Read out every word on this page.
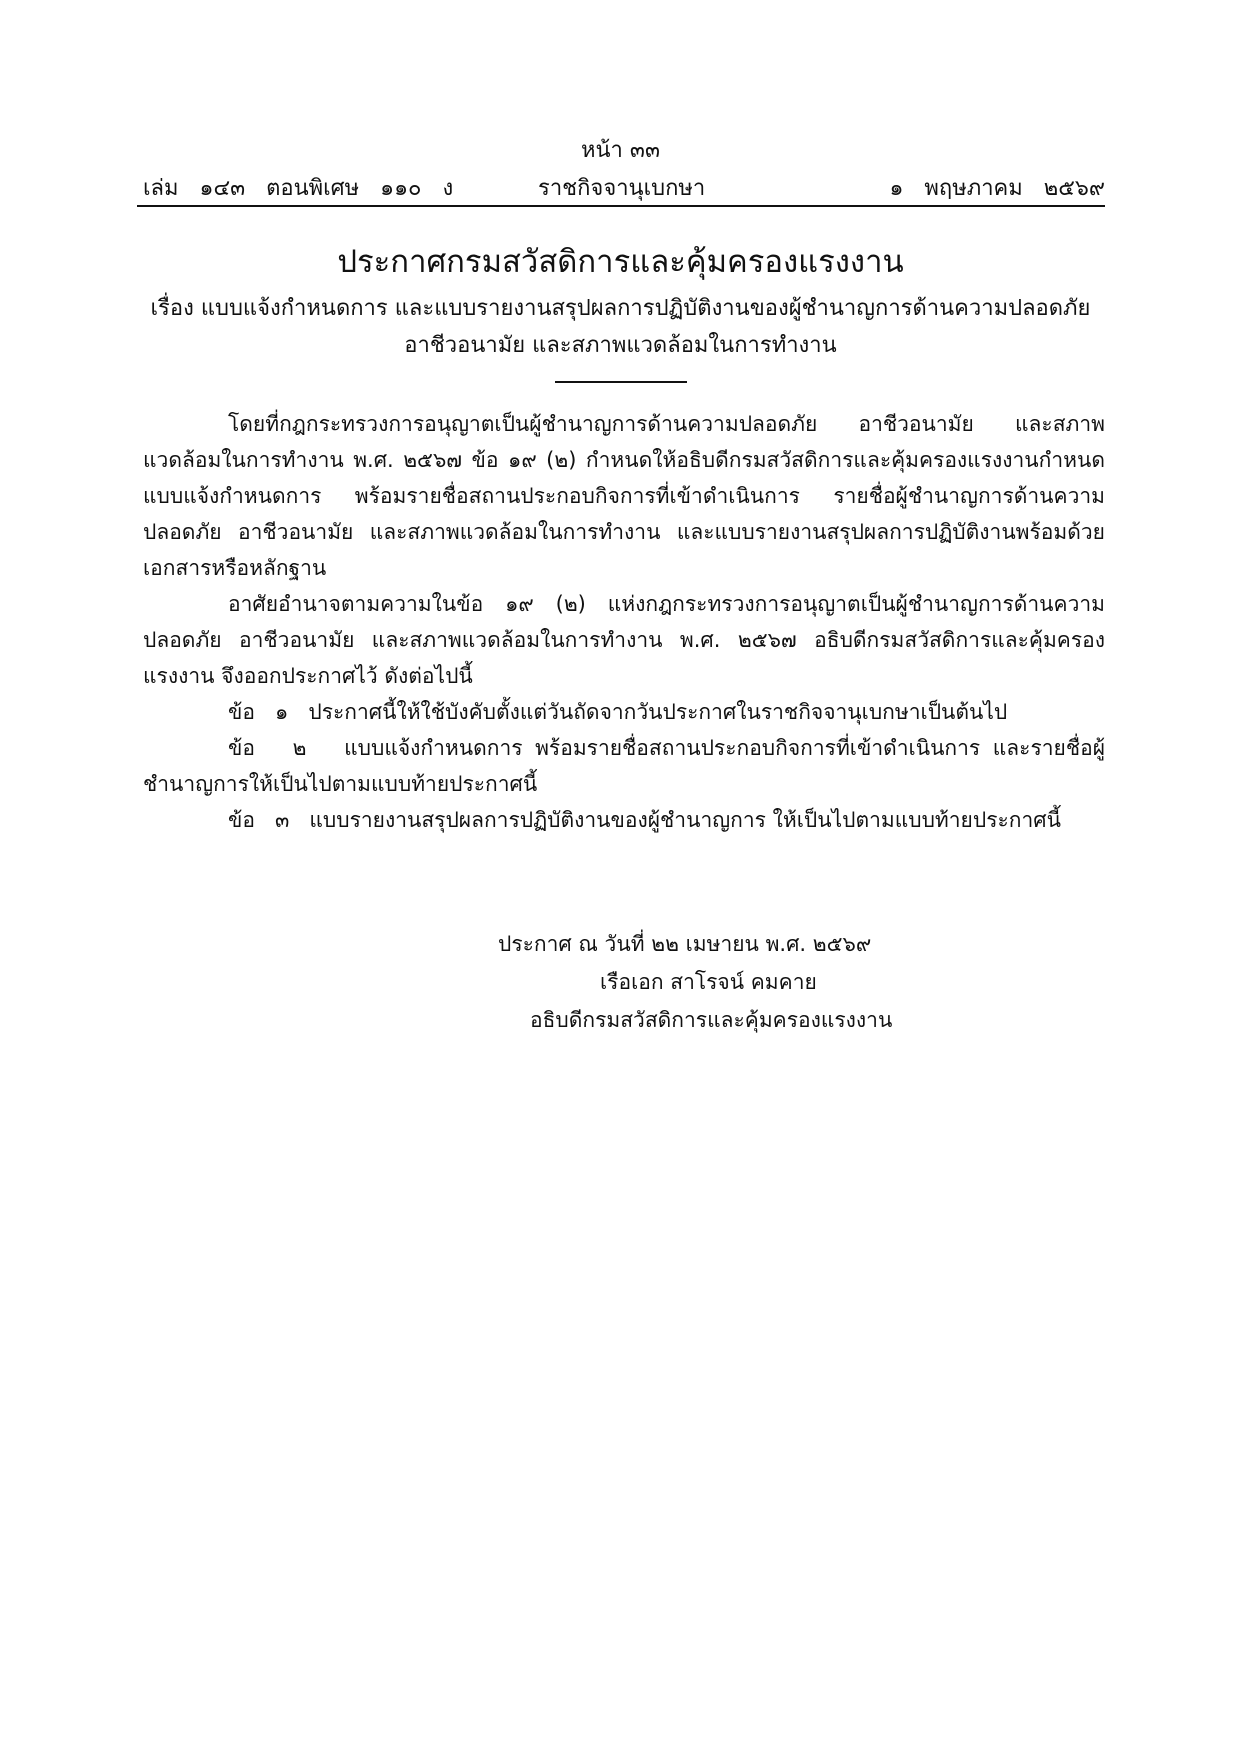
หน้า ๓๓
เล่ม   ๑๔๓   ตอนพิเศษ   ๑๑๐   ง	ราชกิจจานุเบกษา	๑   พฤษภาคม   ๒๕๖๙
ประกาศกรมสวัสดิการและคุ้มครองแรงงาน
เรื่อง แบบแจ้งกำหนดการ และแบบรายงานสรุปผลการปฏิบัติงานของผู้ชำนาญการด้านความปลอดภัย
อาชีวอนามัย และสภาพแวดล้อมในการทำงาน

โดยที่กฎกระทรวงการอนุญาตเป็นผู้ชำนาญการด้านความปลอดภัย อาชีวอนามัย และสภาพแวดล้อมในการทำงาน พ.ศ. ๒๕๖๗ ข้อ ๑๙ (๒) กำหนดให้อธิบดีกรมสวัสดิการและคุ้มครองแรงงานกำหนดแบบแจ้งกำหนดการ พร้อมรายชื่อสถานประกอบกิจการที่เข้าดำเนินการ รายชื่อผู้ชำนาญการด้านความปลอดภัย อาชีวอนามัย และสภาพแวดล้อมในการทำงาน และแบบรายงานสรุปผลการปฏิบัติงานพร้อมด้วยเอกสารหรือหลักฐาน

อาศัยอำนาจตามความในข้อ ๑๙ (๒) แห่งกฎกระทรวงการอนุญาตเป็นผู้ชำนาญการด้านความปลอดภัย อาชีวอนามัย และสภาพแวดล้อมในการทำงาน พ.ศ. ๒๕๖๗ อธิบดีกรมสวัสดิการและคุ้มครองแรงงาน จึงออกประกาศไว้ ดังต่อไปนี้

ข้อ   ๑   ประกาศนี้ให้ใช้บังคับตั้งแต่วันถัดจากวันประกาศในราชกิจจานุเบกษาเป็นต้นไป

ข้อ   ๒   แบบแจ้งกำหนดการ พร้อมรายชื่อสถานประกอบกิจการที่เข้าดำเนินการ และรายชื่อผู้ชำนาญการให้เป็นไปตามแบบท้ายประกาศนี้

ข้อ   ๓   แบบรายงานสรุปผลการปฏิบัติงานของผู้ชำนาญการ ให้เป็นไปตามแบบท้ายประกาศนี้

ประกาศ ณ วันที่ ๒๒ เมษายน พ.ศ. ๒๕๖๙
เรือเอก สาโรจน์ คมคาย
อธิบดีกรมสวัสดิการและคุ้มครองแรงงาน
